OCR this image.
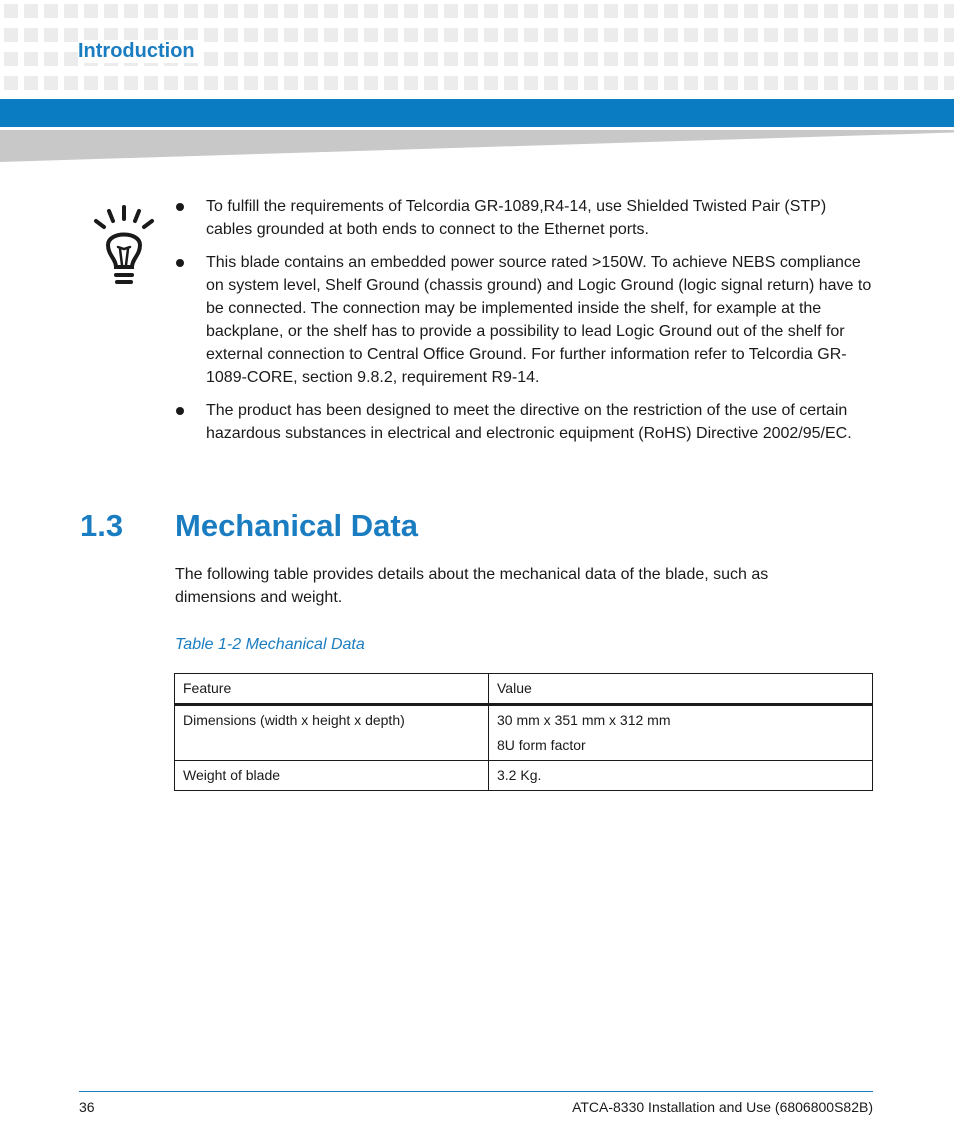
Introduction
To fulfill the requirements of Telcordia GR-1089,R4-14, use Shielded Twisted Pair (STP) cables grounded at both ends to connect to the Ethernet ports.
This blade contains an embedded power source rated >150W. To achieve NEBS compliance on system level, Shelf Ground (chassis ground) and Logic Ground (logic signal return) have to be connected. The connection may be implemented inside the shelf, for example at the backplane, or the shelf has to provide a possibility to lead Logic Ground out of the shelf for external connection to Central Office Ground. For further information refer to Telcordia GR-1089-CORE, section 9.8.2, requirement R9-14.
The product has been designed to meet the directive on the restriction of the use of certain hazardous substances in electrical and electronic equipment (RoHS) Directive 2002/95/EC.
1.3 Mechanical Data

The following table provides details about the mechanical data of the blade, such as dimensions and weight.

Table 1-2 Mechanical Data

Feature	Value
Dimensions (width x height x depth)	30 mm x 351 mm x 312 mm
8U form factor

Weight of blade	3.2 Kg.
36	ATCA-8330 Installation and Use (6806800S82B)
